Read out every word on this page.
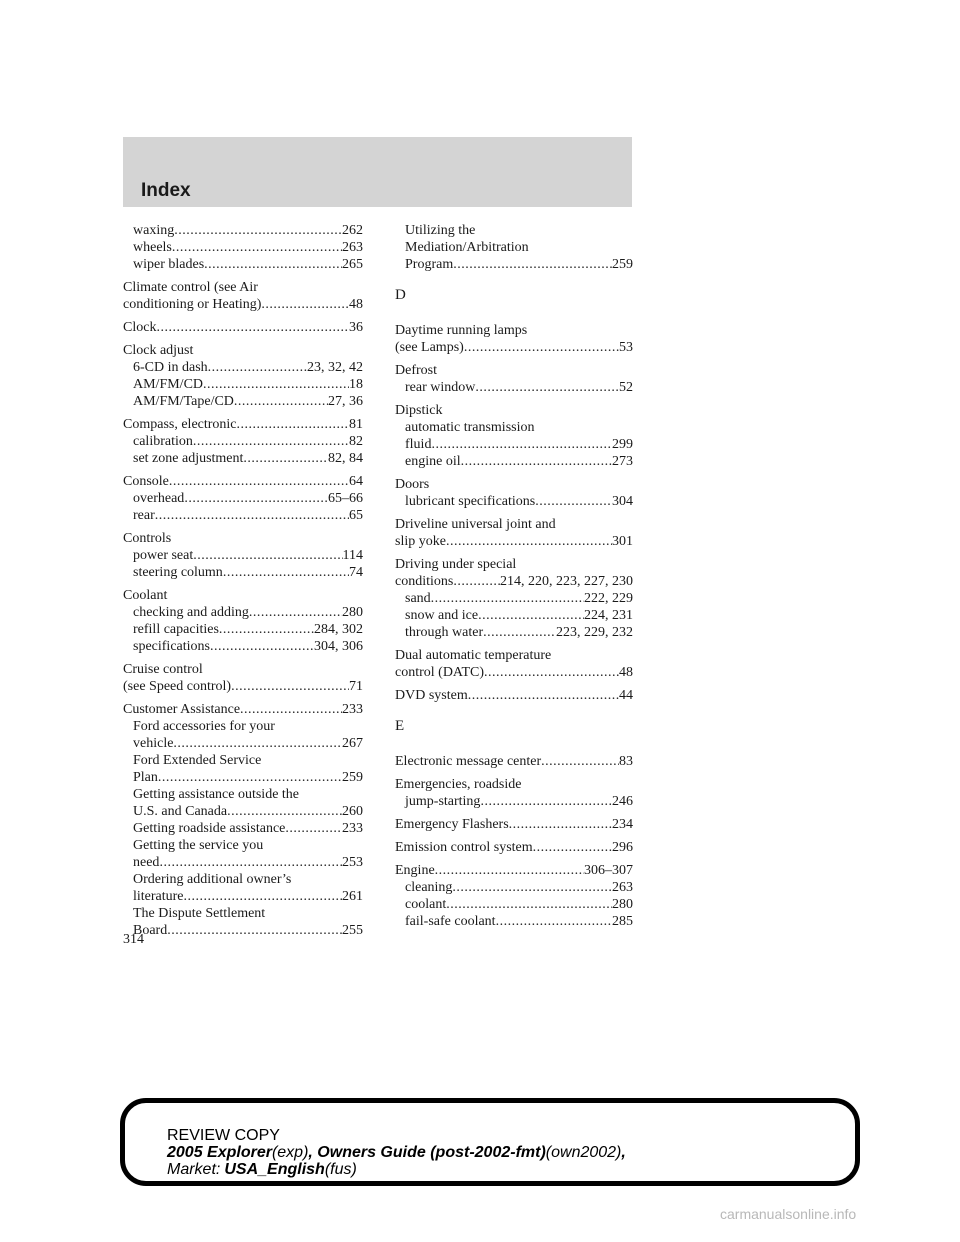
Index
waxing .....	262
wheels .....	263
wiper blades .....	265
Climate control (see Air
conditioning or Heating) .....	48
Clock .....	36
Clock adjust
6-CD in dash .....	23, 32, 42
AM/FM/CD .....	18
AM/FM/Tape/CD .....	27, 36
Compass, electronic .....	81
calibration .....	82
set zone adjustment .....	82, 84
Console .....	64
overhead .....	65–66
rear .....	65
Controls
power seat .....	114
steering column .....	74
Coolant
checking and adding .....	280
refill capacities .....	284, 302
specifications .....	304, 306
Cruise control
(see Speed control) .....	71
Customer Assistance .....	233
Ford accessories for your
vehicle .....	267
Ford Extended Service
Plan .....	259
Getting assistance outside the
U.S. and Canada .....	260
Getting roadside assistance .....	233
Getting the service you
need .....	253
Ordering additional owner’s
literature .....	261
The Dispute Settlement
Board .....	255
Utilizing the
Mediation/Arbitration
Program .....	259
D
Daytime running lamps
(see Lamps) .....	53
Defrost
rear window .....	52
Dipstick
automatic transmission
fluid .....	299
engine oil .....	273
Doors
lubricant specifications .....	304
Driveline universal joint and
slip yoke .....	301
Driving under special
conditions .....	214, 220, 223, 227, 230
sand .....	222, 229
snow and ice .....	224, 231
through water .....	223, 229, 232
Dual automatic temperature
control (DATC) .....	48
DVD system .....	44
E
Electronic message center .....	83
Emergencies, roadside
jump-starting .....	246
Emergency Flashers .....	234
Emission control system .....	296
Engine .....	306–307
cleaning .....	263
coolant .....	280
fail-safe coolant .....	285
314
REVIEW COPY
2005 Explorer(exp), Owners Guide (post-2002-fmt)(own2002),
Market: USA_English(fus)
carmanualsonline.info
